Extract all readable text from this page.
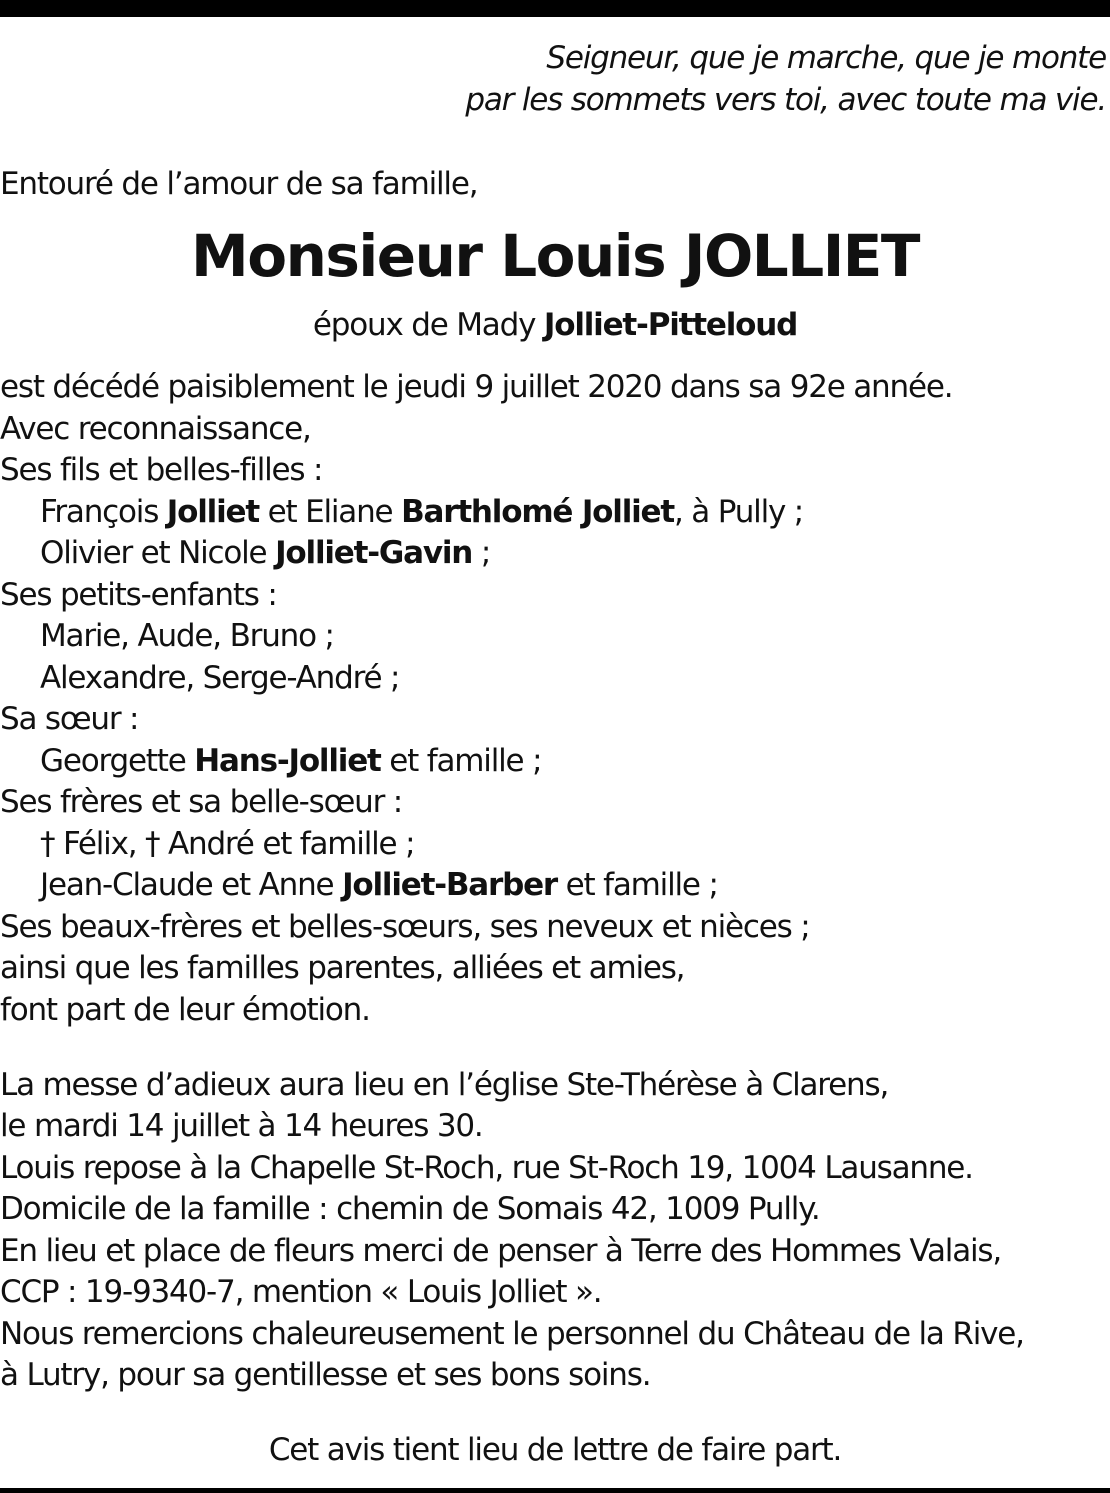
Seigneur, que je marche, que je monte
par les sommets vers toi, avec toute ma vie.
Entouré de l’amour de sa famille,
Monsieur Louis JOLLIET
époux de Mady Jolliet-Pitteloud
est décédé paisiblement le jeudi 9 juillet 2020 dans sa 92e année.
Avec reconnaissance,
Ses fils et belles-filles :
François Jolliet et Eliane Barthlomé Jolliet, à Pully ;
Olivier et Nicole Jolliet-Gavin ;
Ses petits-enfants :
Marie, Aude, Bruno ;
Alexandre, Serge-André ;
Sa sœur :
Georgette Hans-Jolliet et famille ;
Ses frères et sa belle-sœur :
† Félix, † André et famille ;
Jean-Claude et Anne Jolliet-Barber et famille ;
Ses beaux-frères et belles-sœurs, ses neveux et nièces ;
ainsi que les familles parentes, alliées et amies,
font part de leur émotion.
La messe d’adieux aura lieu en l’église Ste-Thérèse à Clarens,
le mardi 14 juillet à 14 heures 30.
Louis repose à la Chapelle St-Roch, rue St-Roch 19, 1004 Lausanne.
Domicile de la famille : chemin de Somais 42, 1009 Pully.
En lieu et place de fleurs merci de penser à Terre des Hommes Valais,
CCP : 19-9340-7, mention « Louis Jolliet ».
Nous remercions chaleureusement le personnel du Château de la Rive,
à Lutry, pour sa gentillesse et ses bons soins.
Cet avis tient lieu de lettre de faire part.
